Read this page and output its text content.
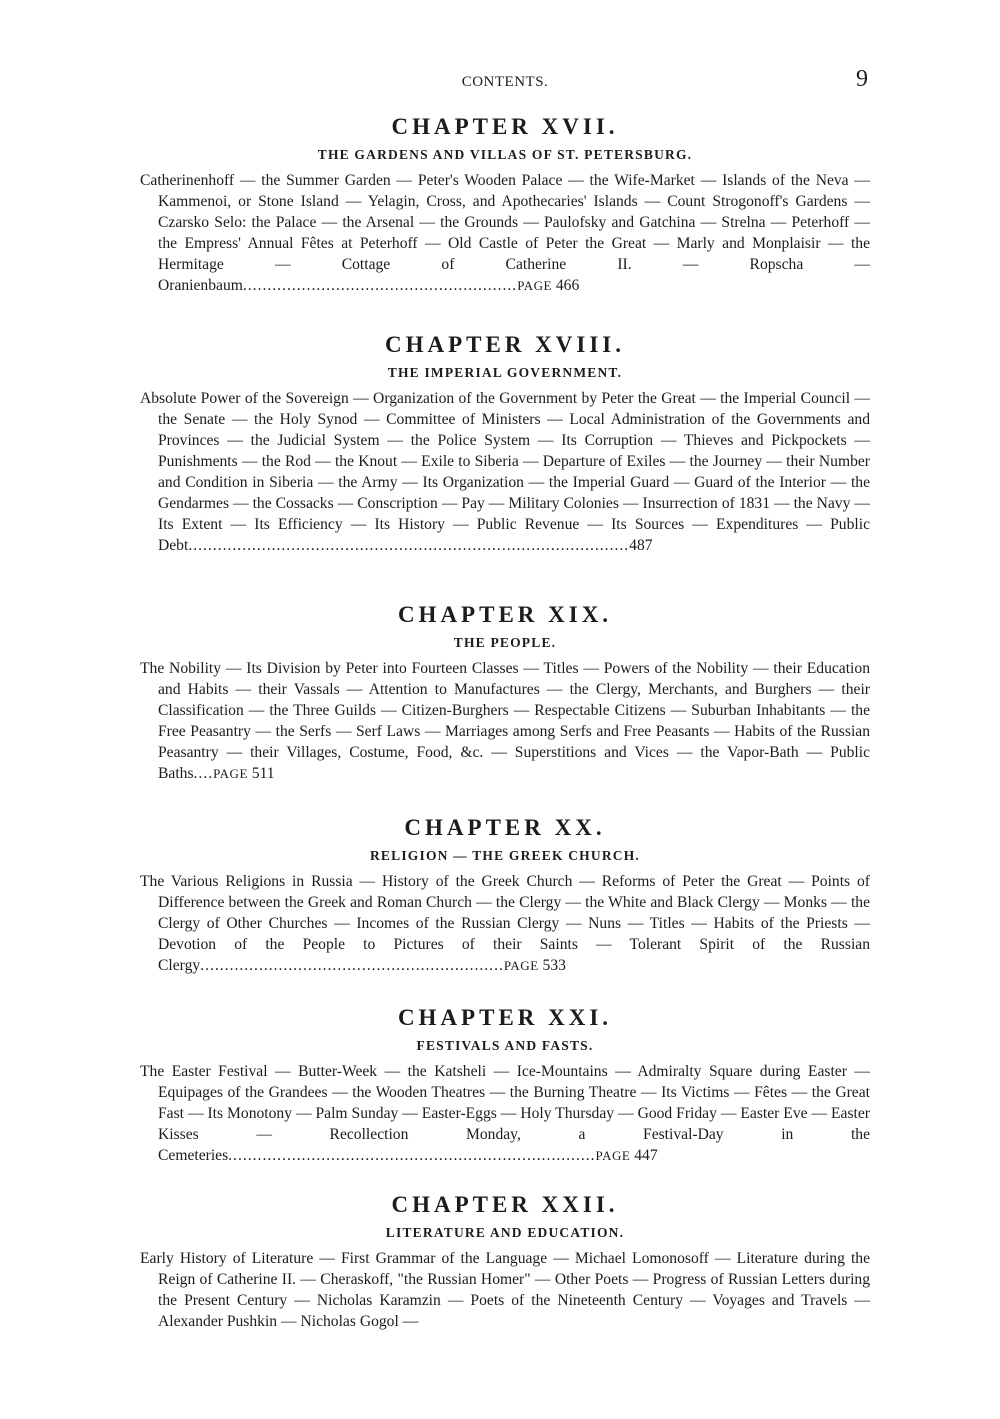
CONTENTS.	9
CHAPTER XVII.
THE GARDENS AND VILLAS OF ST. PETERSBURG.

Catherinenhoff — the Summer Garden — Peter's Wooden Palace — the Wife-Market — Islands of the Neva — Kammenoi, or Stone Island — Yelagin, Cross, and Apothecaries' Islands — Count Strogonoff's Gardens — Czarsko Selo: the Palace — the Arsenal — the Grounds — Paulofsky and Gatchina — Strelna — Peterhoff — the Empress' Annual Fêtes at Peterhoff — Old Castle of Peter the Great — Marly and Monplaisir — the Hermitage — Cottage of Catherine II. — Ropscha — Oranienbaum........................................................PAGE 466

CHAPTER XVIII.
THE IMPERIAL GOVERNMENT.

Absolute Power of the Sovereign — Organization of the Government by Peter the Great — the Imperial Council — the Senate — the Holy Synod — Committee of Ministers — Local Administration of the Governments and Provinces — the Judicial System — the Police System — Its Corruption — Thieves and Pickpockets — Punishments — the Rod — the Knout — Exile to Siberia — Departure of Exiles — the Journey — their Number and Condition in Siberia — the Army — Its Organization — the Imperial Guard — Guard of the Interior — the Gendarmes — the Cossacks — Conscription — Pay — Military Colonies — Insurrection of 1831 — the Navy — Its Extent — Its Efficiency — Its History — Public Revenue — Its Sources — Expenditures — Public Debt..........................................................................................487

CHAPTER XIX.
THE PEOPLE.

The Nobility — Its Division by Peter into Fourteen Classes — Titles — Powers of the Nobility — their Education and Habits — their Vassals — Attention to Manufactures — the Clergy, Merchants, and Burghers — their Classification — the Three Guilds — Citizen-Burghers — Respectable Citizens — Suburban Inhabitants — the Free Peasantry — the Serfs — Serf Laws — Marriages among Serfs and Free Peasants — Habits of the Russian Peasantry — their Villages, Costume, Food, &c. — Superstitions and Vices — the Vapor-Bath — Public Baths....PAGE 511

CHAPTER XX.
RELIGION — THE GREEK CHURCH.

The Various Religions in Russia — History of the Greek Church — Reforms of Peter the Great — Points of Difference between the Greek and Roman Church — the Clergy — the White and Black Clergy — Monks — the Clergy of Other Churches — Incomes of the Russian Clergy — Nuns — Titles — Habits of the Priests — Devotion of the People to Pictures of their Saints — Tolerant Spirit of the Russian Clergy..............................................................PAGE 533

CHAPTER XXI.
FESTIVALS AND FASTS.

The Easter Festival — Butter-Week — the Katsheli — Ice-Mountains — Admiralty Square during Easter — Equipages of the Grandees — the Wooden Theatres — the Burning Theatre — Its Victims — Fêtes — the Great Fast — Its Monotony — Palm Sunday — Easter-Eggs — Holy Thursday — Good Friday — Easter Eve — Easter Kisses — Recollection Monday, a Festival-Day in the Cemeteries...........................................................................PAGE 447

CHAPTER XXII.
LITERATURE AND EDUCATION.

Early History of Literature — First Grammar of the Language — Michael Lomonosoff — Literature during the Reign of Catherine II. — Cheraskoff, "the Russian Homer" — Other Poets — Progress of Russian Letters during the Present Century — Nicholas Karamzin — Poets of the Nineteenth Century — Voyages and Travels — Alexander Pushkin — Nicholas Gogol —
